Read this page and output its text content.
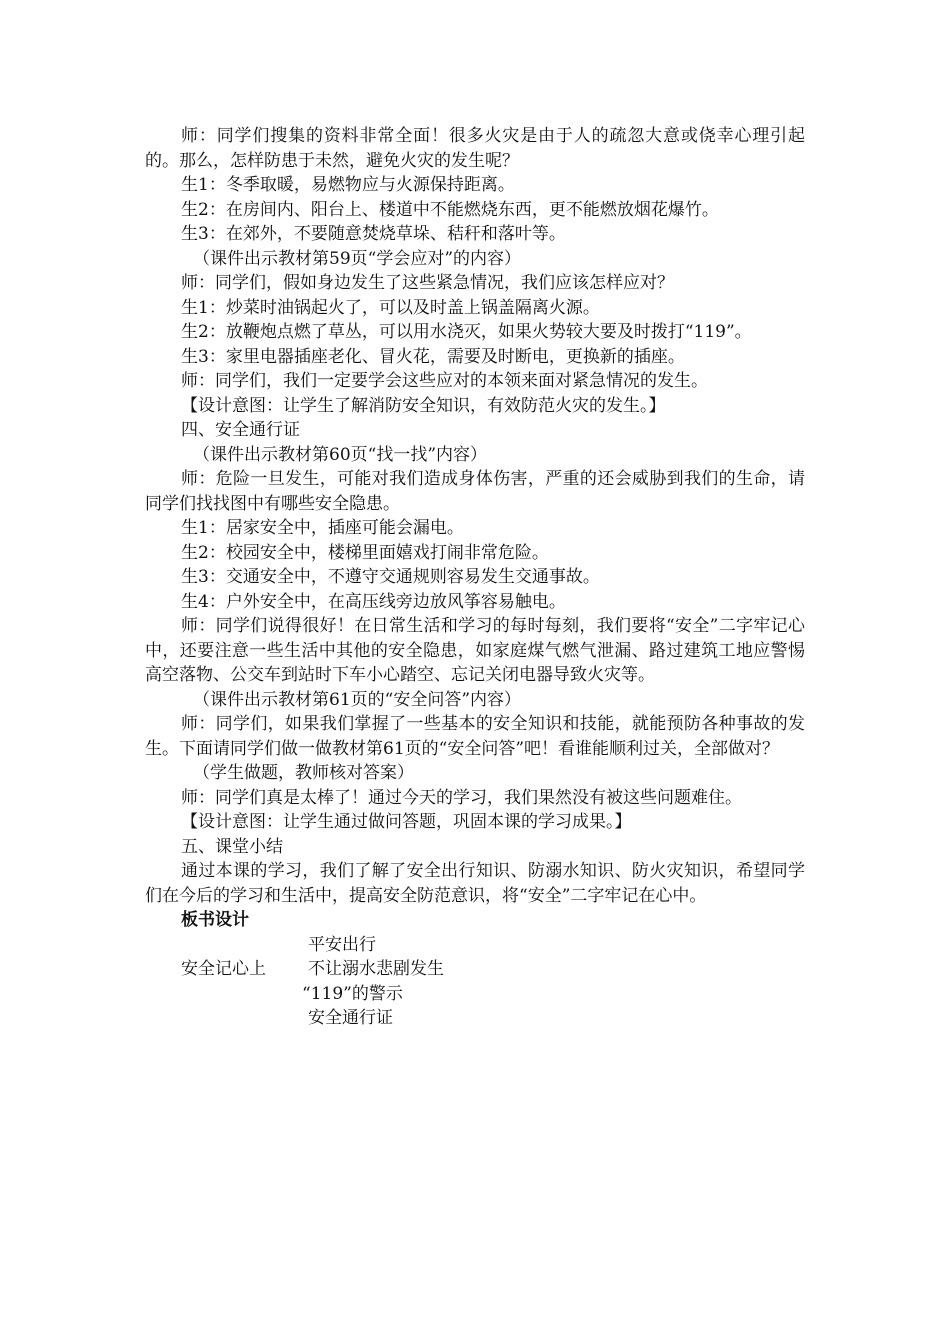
师：同学们搜集的资料非常全面！很多火灾是由于人的疏忽大意或侥幸心理引起的。那么，怎样防患于未然，避免火灾的发生呢？

生1：冬季取暖，易燃物应与火源保持距离。

生2：在房间内、阳台上、楼道中不能燃烧东西，更不能燃放烟花爆竹。

生3：在郊外，不要随意焚烧草垛、秸秆和落叶等。

（课件出示教材第59页“学会应对”的内容）

师：同学们，假如身边发生了这些紧急情况，我们应该怎样应对？

生1：炒菜时油锅起火了，可以及时盖上锅盖隔离火源。

生2：放鞭炮点燃了草丛，可以用水浇灭，如果火势较大要及时拨打“119”。

生3：家里电器插座老化、冒火花，需要及时断电，更换新的插座。

师：同学们，我们一定要学会这些应对的本领来面对紧急情况的发生。

【设计意图：让学生了解消防安全知识，有效防范火灾的发生。】

四、安全通行证

（课件出示教材第60页“找一找”内容）

师：危险一旦发生，可能对我们造成身体伤害，严重的还会威胁到我们的生命，请同学们找找图中有哪些安全隐患。

生1：居家安全中，插座可能会漏电。

生2：校园安全中，楼梯里面嬉戏打闹非常危险。

生3：交通安全中，不遵守交通规则容易发生交通事故。

生4：户外安全中，在高压线旁边放风筝容易触电。

师：同学们说得很好！在日常生活和学习的每时每刻，我们要将“安全”二字牢记心中，还要注意一些生活中其他的安全隐患，如家庭煤气燃气泄漏、路过建筑工地应警惕高空落物、公交车到站时下车小心踏空、忘记关闭电器导致火灾等。

（课件出示教材第61页的“安全问答”内容）

师：同学们，如果我们掌握了一些基本的安全知识和技能，就能预防各种事故的发生。下面请同学们做一做教材第61页的“安全问答”吧！看谁能顺利过关，全部做对？

（学生做题，教师核对答案）

师：同学们真是太棒了！通过今天的学习，我们果然没有被这些问题难住。

【设计意图：让学生通过做问答题，巩固本课的学习成果。】

五、课堂小结

通过本课的学习，我们了解了安全出行知识、防溺水知识、防火灾知识，希望同学们在今后的学习和生活中，提高安全防范意识，将“安全”二字牢记在心中。

板书设计

安全记心上
平安出行
不让溺水悲剧发生
“119”的警示
安全通行证
